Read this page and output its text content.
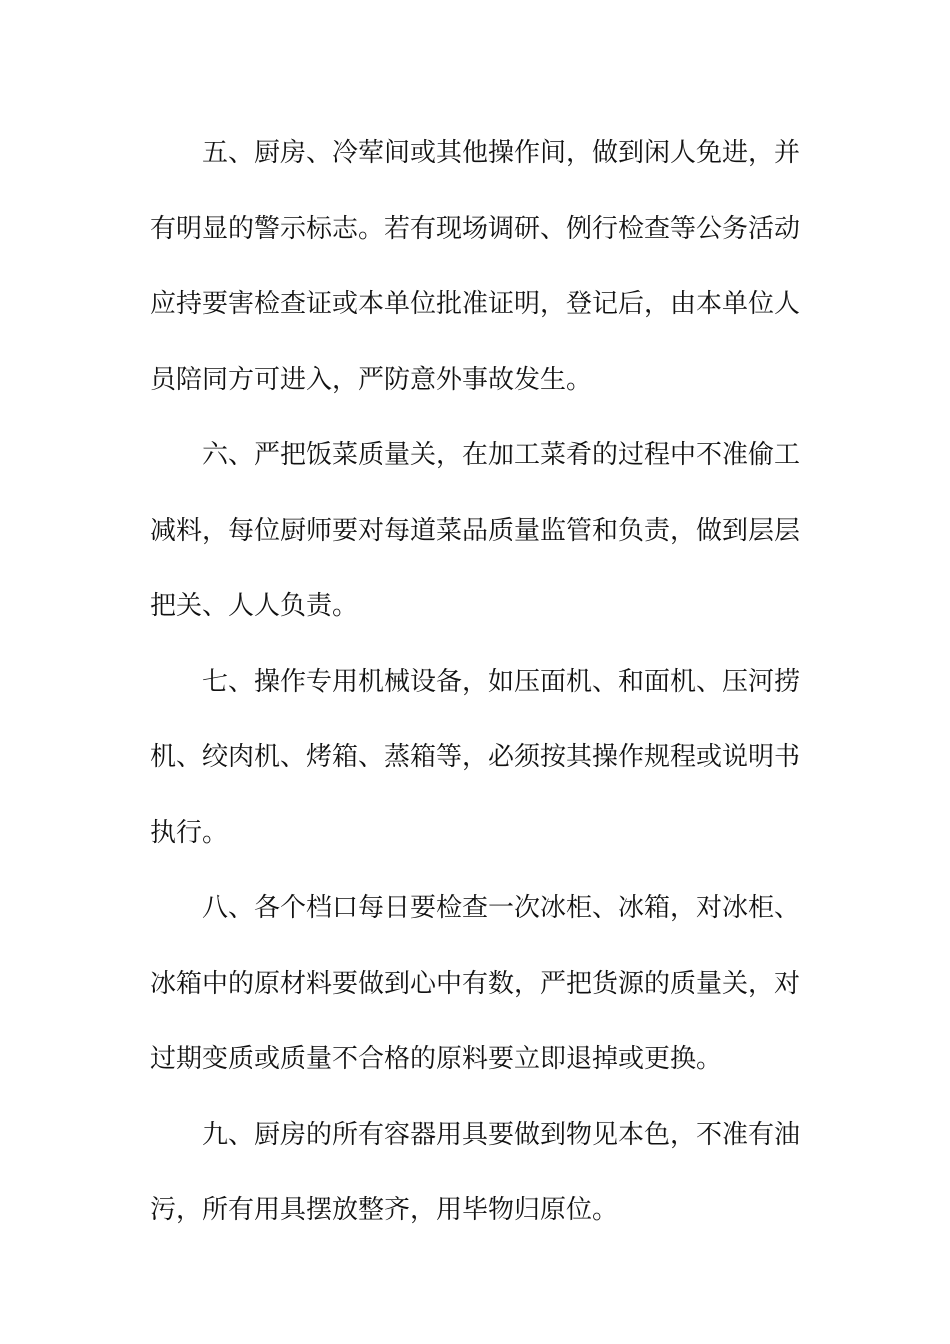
五、厨房、冷荤间或其他操作间，做到闲人免进，并
有明显的警示标志。若有现场调研、例行检查等公务活动
应持要害检查证或本单位批准证明，登记后，由本单位人
员陪同方可进入，严防意外事故发生。
六、严把饭菜质量关，在加工菜肴的过程中不准偷工
减料，每位厨师要对每道菜品质量监管和负责，做到层层
把关、人人负责。
七、操作专用机械设备，如压面机、和面机、压河捞
机、绞肉机、烤箱、蒸箱等，必须按其操作规程或说明书
执行。
八、各个档口每日要检查一次冰柜、冰箱，对冰柜、
冰箱中的原材料要做到心中有数，严把货源的质量关，对
过期变质或质量不合格的原料要立即退掉或更换。
九、厨房的所有容器用具要做到物见本色，不准有油
污，所有用具摆放整齐，用毕物归原位。
